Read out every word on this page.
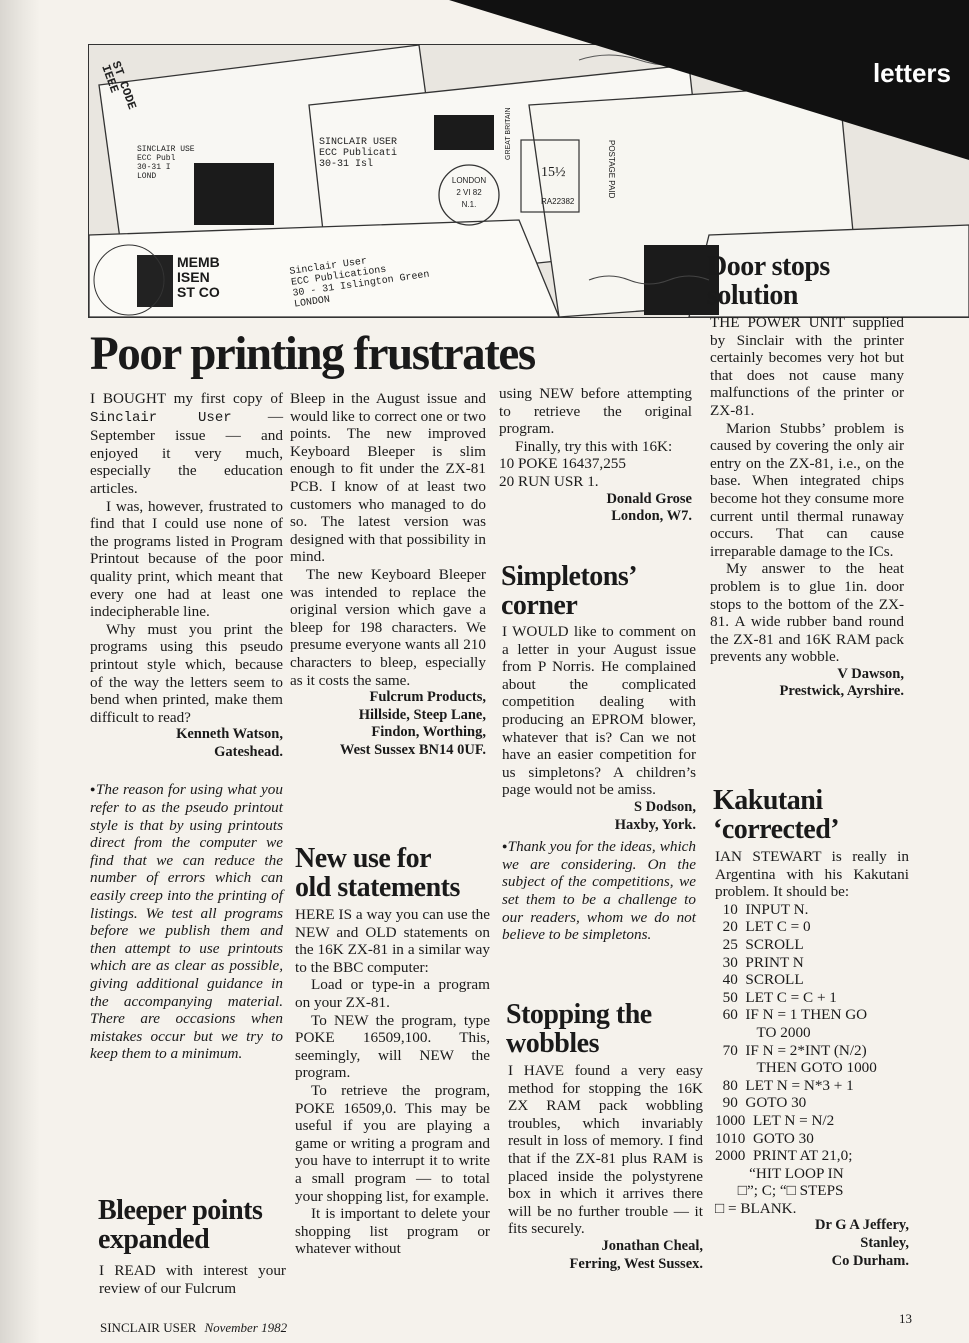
SINCLAIR USER
ECC Publicati
30-31 Isl
Sinclair User
ECC Publications
30 - 31 Islington Green
LONDON
SINCLAIR USE
ECC Publ
30-31 I
LOND
ST CODE
IEEE
LONDON
2 VI 82
N.1.
15½
GREAT BRITAIN
RA22382
POSTAGE PAID
MEMB
ISEN
ST CO
letters
Poor printing frustrates

I BOUGHT my first copy of Sinclair User — September issue — and enjoyed it very much, especially the education articles.

I was, however, frustrated to find that I could use none of the programs listed in Program Printout because of the poor quality print, which meant that every one had at least one indecipherable line.

Why must you print the programs using this pseudo printout style which, because of the way the letters seem to bend when printed, make them difficult to read?

Kenneth Watson,

Gateshead.

● The reason for using what you refer to as the pseudo printout style is that by using printouts direct from the computer we find that we can reduce the number of errors which can easily creep into the printing of listings. We test all programs before we publish them and then attempt to use printouts which are as clear as possible, giving additional guidance in the accompanying material. There are occasions when mistakes occur but we try to keep them to a minimum.

Bleeper points
expanded

I READ with interest your review of our Fulcrum

Bleep in the August issue and would like to correct one or two points. The new improved Keyboard Bleeper is slim enough to fit under the ZX-81 PCB. I know of at least two customers who managed to do so. The latest version was designed with that possibility in mind.

The new Keyboard Bleeper was intended to replace the original version which gave a bleep for 198 characters. We presume everyone wants all 210 characters to bleep, especially as it costs the same.

Fulcrum Products,

Hillside, Steep Lane,

Findon, Worthing,

West Sussex BN14 0UF.

New use for
old statements

HERE IS a way you can use the NEW and OLD statements on the 16K ZX-81 in a similar way to the BBC computer:

Load or type-in a program on your ZX-81.

To NEW the program, type POKE 16509,100. This, seemingly, will NEW the program.

To retrieve the program, POKE 16509,0. This may be useful if you are playing a game or writing a program and you have to interrupt it to write a small program — to total your shopping list, for example.

It is important to delete your shopping list program or whatever without

using NEW before attempting to retrieve the original program.

Finally, try this with 16K:

10 POKE 16437,255

20 RUN USR 1.

Donald Grose

London, W7.

Simpletons’
corner

I WOULD like to comment on a letter in your August issue from P Norris. He complained about the complicated competition dealing with producing an EPROM blower, whatever that is? Can we not have an easier competition for us simpletons? A children’s page would not be amiss.

S Dodson,

Haxby, York.

● Thank you for the ideas, which we are considering. On the subject of the competitions, we set them to be a challenge to our readers, whom we do not believe to be simpletons.

Stopping the
wobbles

I HAVE found a very easy method for stopping the 16K ZX RAM pack wobbling troubles, which invariably result in loss of memory. I find that if the ZX-81 plus RAM is placed inside the polystyrene box in which it arrives there will be no further trouble — it fits securely.

Jonathan Cheal,

Ferring, West Sussex.

Door stops
solution

THE POWER UNIT supplied by Sinclair with the printer certainly becomes very hot but that does not cause many malfunctions of the printer or ZX-81.

Marion Stubbs’ problem is caused by covering the only air entry on the ZX-81, i.e., on the base. When integrated chips become hot they consume more current until thermal runaway occurs. That can cause irreparable damage to the ICs.

My answer to the heat problem is to glue 1in. door stops to the bottom of the ZX-81. A wide rubber band round the ZX-81 and 16K RAM pack prevents any wobble.

V Dawson,

Prestwick, Ayrshire.

Kakutani
‘corrected’

IAN STEWART is really in Argentina with his Kakutani problem. It should be:

10  INPUT N.
20  LET C = 0
25  SCROLL
30  PRINT N
40  SCROLL
50  LET C = C + 1
60  IF N = 1 THEN GO
TO 2000
70  IF N = 2*INT (N/2)
THEN GOTO 1000
80  LET N = N*3 + 1
90  GOTO 30
1000  LET N = N/2
1010  GOTO 30
2000  PRINT AT 21,0;
“HIT LOOP IN
□”; C; “□ STEPS
□ = BLANK.

Dr G A Jeffery,

Stanley,

Co Durham.

SINCLAIR USER November 1982
13
